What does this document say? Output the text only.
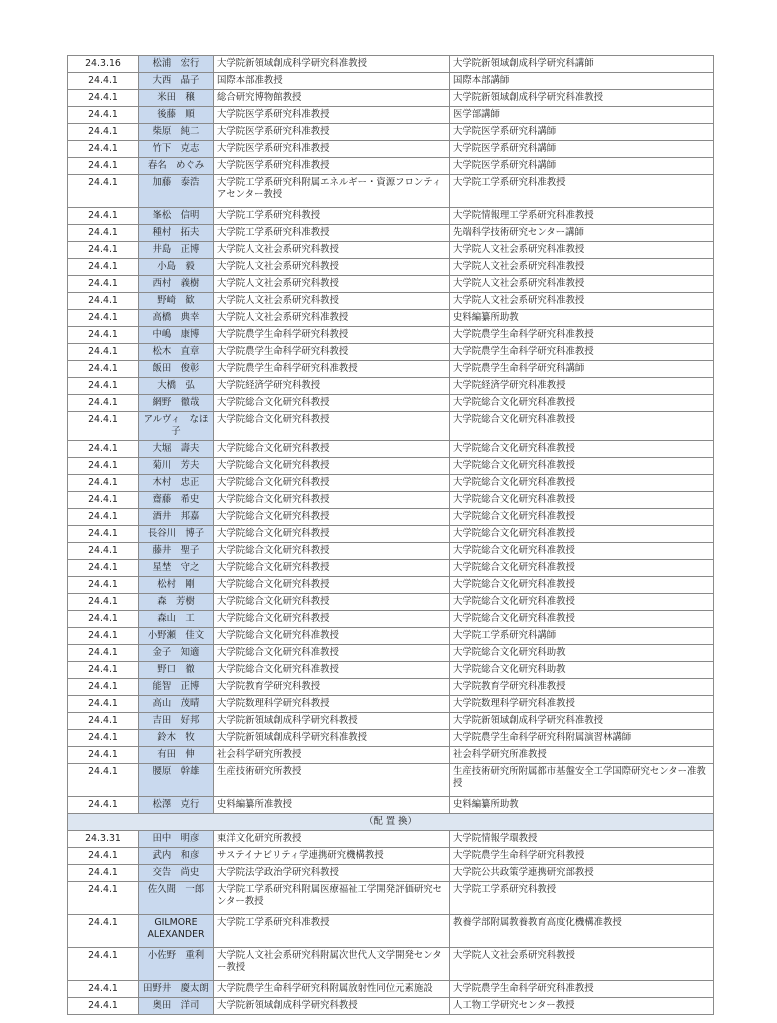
24.3.16	松浦　宏行	大学院新領域創成科学研究科准教授	大学院新領域創成科学研究科講師
24.4.1	大西　晶子	国際本部准教授	国際本部講師
24.4.1	米田　穣	総合研究博物館教授	大学院新領域創成科学研究科准教授
24.4.1	後藤　順	大学院医学系研究科准教授	医学部講師
24.4.1	柴原　純二	大学院医学系研究科准教授	大学院医学系研究科講師
24.4.1	竹下　克志	大学院医学系研究科准教授	大学院医学系研究科講師
24.4.1	春名　めぐみ	大学院医学系研究科准教授	大学院医学系研究科講師
24.4.1	加藤　泰浩	大学院工学系研究科附属エネルギー・資源フロンティアセンター教授	大学院工学系研究科准教授
24.4.1	峯松　信明	大学院工学系研究科教授	大学院情報理工学系研究科准教授
24.4.1	種村　拓夫	大学院工学系研究科准教授	先端科学技術研究センター講師
24.4.1	井島　正博	大学院人文社会系研究科教授	大学院人文社会系研究科准教授
24.4.1	小島　毅	大学院人文社会系研究科教授	大学院人文社会系研究科准教授
24.4.1	西村　義樹	大学院人文社会系研究科教授	大学院人文社会系研究科准教授
24.4.1	野崎　歓	大学院人文社会系研究科教授	大学院人文社会系研究科准教授
24.4.1	高橋　典幸	大学院人文社会系研究科准教授	史料編纂所助教
24.4.1	中嶋　康博	大学院農学生命科学研究科教授	大学院農学生命科学研究科准教授
24.4.1	松木　直章	大学院農学生命科学研究科教授	大学院農学生命科学研究科准教授
24.4.1	飯田　俊彰	大学院農学生命科学研究科准教授	大学院農学生命科学研究科講師
24.4.1	大橋　弘	大学院経済学研究科教授	大学院経済学研究科准教授
24.4.1	網野　徹哉	大学院総合文化研究科教授	大学院総合文化研究科准教授
24.4.1	アルヴィ　なほ子	大学院総合文化研究科教授	大学院総合文化研究科准教授
24.4.1	大堀　壽夫	大学院総合文化研究科教授	大学院総合文化研究科准教授
24.4.1	菊川　芳夫	大学院総合文化研究科教授	大学院総合文化研究科准教授
24.4.1	木村　忠正	大学院総合文化研究科教授	大学院総合文化研究科准教授
24.4.1	齋藤　希史	大学院総合文化研究科教授	大学院総合文化研究科准教授
24.4.1	酒井　邦嘉	大学院総合文化研究科教授	大学院総合文化研究科准教授
24.4.1	長谷川　博子	大学院総合文化研究科教授	大学院総合文化研究科准教授
24.4.1	藤井　聖子	大学院総合文化研究科教授	大学院総合文化研究科准教授
24.4.1	星埜　守之	大学院総合文化研究科教授	大学院総合文化研究科准教授
24.4.1	松村　剛	大学院総合文化研究科教授	大学院総合文化研究科准教授
24.4.1	森　芳樹	大学院総合文化研究科教授	大学院総合文化研究科准教授
24.4.1	森山　工	大学院総合文化研究科教授	大学院総合文化研究科准教授
24.4.1	小野瀬　佳文	大学院総合文化研究科准教授	大学院工学系研究科講師
24.4.1	金子　知適	大学院総合文化研究科准教授	大学院総合文化研究科助教
24.4.1	野口　徹	大学院総合文化研究科准教授	大学院総合文化研究科助教
24.4.1	能智　正博	大学院教育学研究科教授	大学院教育学研究科准教授
24.4.1	高山　茂晴	大学院数理科学研究科教授	大学院数理科学研究科准教授
24.4.1	吉田　好邦	大学院新領域創成科学研究科教授	大学院新領域創成科学研究科准教授
24.4.1	鈴木　牧	大学院新領域創成科学研究科准教授	大学院農学生命科学研究科附属演習林講師
24.4.1	有田　伸	社会科学研究所教授	社会科学研究所准教授
24.4.1	腰原　幹雄	生産技術研究所教授	生産技術研究所附属都市基盤安全工学国際研究センター准教授
24.4.1	松澤　克行	史料編纂所准教授	史料編纂所助教
（配 置 換）			
24.3.31	田中　明彦	東洋文化研究所教授	大学院情報学環教授
24.4.1	武内　和彦	サステイナビリティ学連携研究機構教授	大学院農学生命科学研究科教授
24.4.1	交告　尚史	大学院法学政治学研究科教授	大学院公共政策学連携研究部教授
24.4.1	佐久間　一郎	大学院工学系研究科附属医療福祉工学開発評価研究センター教授	大学院工学系研究科教授
24.4.1	GILMORE ALEXANDER	大学院工学系研究科准教授	教養学部附属教養教育高度化機構准教授
24.4.1	小佐野　重利	大学院人文社会系研究科附属次世代人文学開発センター教授	大学院人文社会系研究科教授
24.4.1	田野井　慶太朗	大学院農学生命科学研究科附属放射性同位元素施設	大学院農学生命科学研究科准教授
24.4.1	奥田　洋司	大学院新領域創成科学研究科教授	人工物工学研究センター教授
